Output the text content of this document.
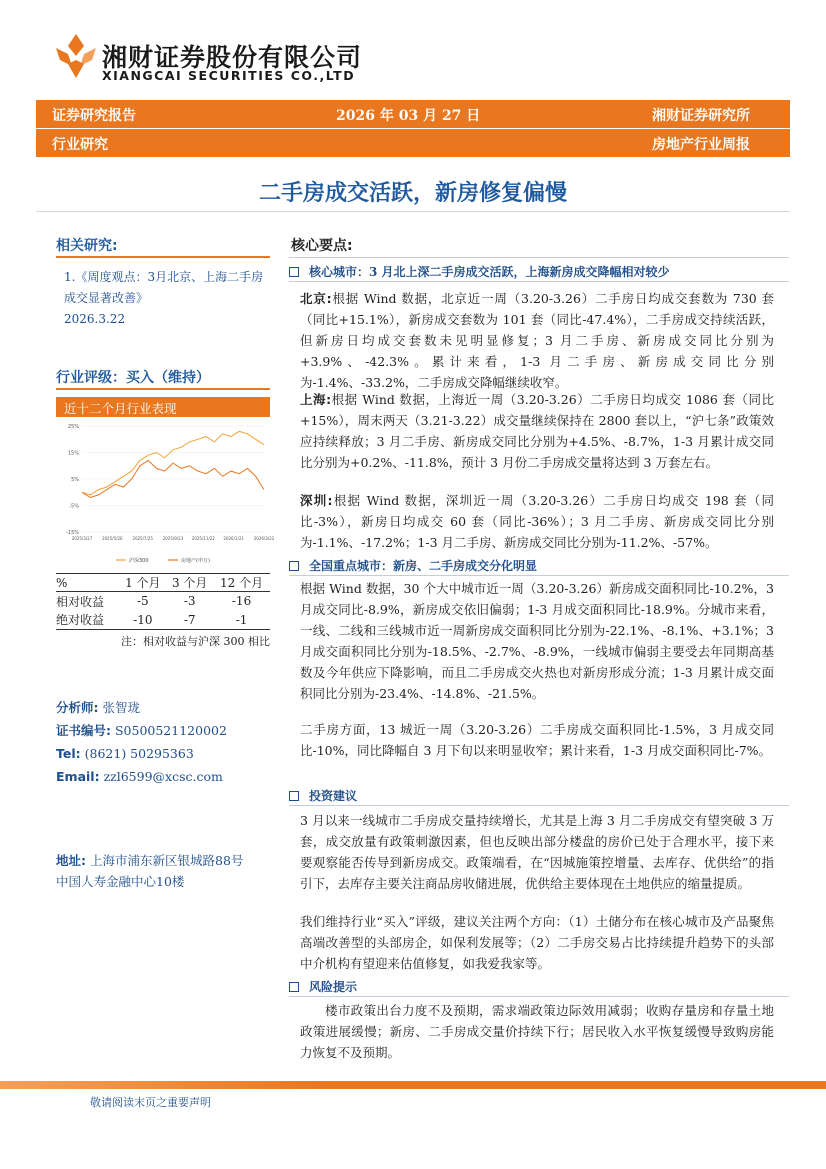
湘财证券股份有限公司
XIANGCAI SECURITIES CO.,LTD
证券研究报告	2026 年 03 月 27 日	湘财证券研究所
行业研究	房地产行业周报
二手房成交活跃，新房修复偏慢
相关研究:
1.《周度观点：3月北京、上海二手房成交显著改善》
2026.3.22
行业评级：买入（维持）
近十二个月行业表现
25%
15%
5%
-5%
-15%
2025/3/27 2025/5/26 2025/7/25 2025/9/23 2025/11/22 2026/1/21 2026/3/22
沪深300	房地产(申万)
%	1 个月	3 个月	12 个月
相对收益	-5	-3	-16
绝对收益	-10	-7	-1
注：相对收益与沪深 300 相比
分析师: 张智珑
证书编号: S0500521120002
Tel: (8621) 50295363
Email: zzl6599@xcsc.com
地址: 上海市浦东新区银城路88号
中国人寿金融中心10楼
核心要点:
核心城市：3 月北上深二手房成交活跃，上海新房成交降幅相对较少
北京:根据 Wind 数据，北京近一周（3.20-3.26）二手房日均成交套数为 730 套（同比+15.1%），新房成交套数为 101 套（同比-47.4%），二手房成交持续活跃，但新房日均成交套数未见明显修复；3 月二手房、新房成交同比分别为+3.9%、-42.3%。累计来看，1-3 月二手房、新房成交同比分别为-1.4%、-33.2%，二手房成交降幅继续收窄。
上海:根据 Wind 数据，上海近一周（3.20-3.26）二手房日均成交 1086 套（同比+15%），周末两天（3.21-3.22）成交量继续保持在 2800 套以上，“沪七条”政策效应持续释放；3 月二手房、新房成交同比分别为+4.5%、-8.7%，1-3 月累计成交同比分别为+0.2%、-11.8%，预计 3 月份二手房成交量将达到 3 万套左右。
深圳:根据 Wind 数据，深圳近一周（3.20-3.26）二手房日均成交 198 套（同比-3%），新房日均成交 60 套（同比-36%）；3 月二手房、新房成交同比分别为-1.1%、-17.2%；1-3 月二手房、新房成交同比分别为-11.2%、-57%。
全国重点城市：新房、二手房成交分化明显
根据 Wind 数据，30 个大中城市近一周（3.20-3.26）新房成交面积同比-10.2%，3 月成交同比-8.9%，新房成交依旧偏弱；1-3 月成交面积同比-18.9%。分城市来看，一线、二线和三线城市近一周新房成交面积同比分别为-22.1%、-8.1%、+3.1%；3 月成交面积同比分别为-18.5%、-2.7%、-8.9%，一线城市偏弱主要受去年同期高基数及今年供应下降影响，而且二手房成交火热也对新房形成分流；1-3 月累计成交面积同比分别为-23.4%、-14.8%、-21.5%。
二手房方面，13 城近一周（3.20-3.26）二手房成交面积同比-1.5%，3 月成交同比-10%，同比降幅自 3 月下旬以来明显收窄；累计来看，1-3 月成交面积同比-7%。
投资建议
3 月以来一线城市二手房成交量持续增长，尤其是上海 3 月二手房成交有望突破 3 万套，成交放量有政策刺激因素，但也反映出部分楼盘的房价已处于合理水平，接下来要观察能否传导到新房成交。政策端看，在“因城施策控增量、去库存、优供给”的指引下，去库存主要关注商品房收储进展，优供给主要体现在土地供应的缩量提质。
我们维持行业“买入”评级，建议关注两个方向：（1）土储分布在核心城市及产品聚焦高端改善型的头部房企，如保利发展等；（2）二手房交易占比持续提升趋势下的头部中介机构有望迎来估值修复，如我爱我家等。
风险提示
楼市政策出台力度不及预期，需求端政策边际效用减弱；收购存量房和存量土地政策进展缓慢；新房、二手房成交量价持续下行；居民收入水平恢复缓慢导致购房能力恢复不及预期。
敬请阅读末页之重要声明
